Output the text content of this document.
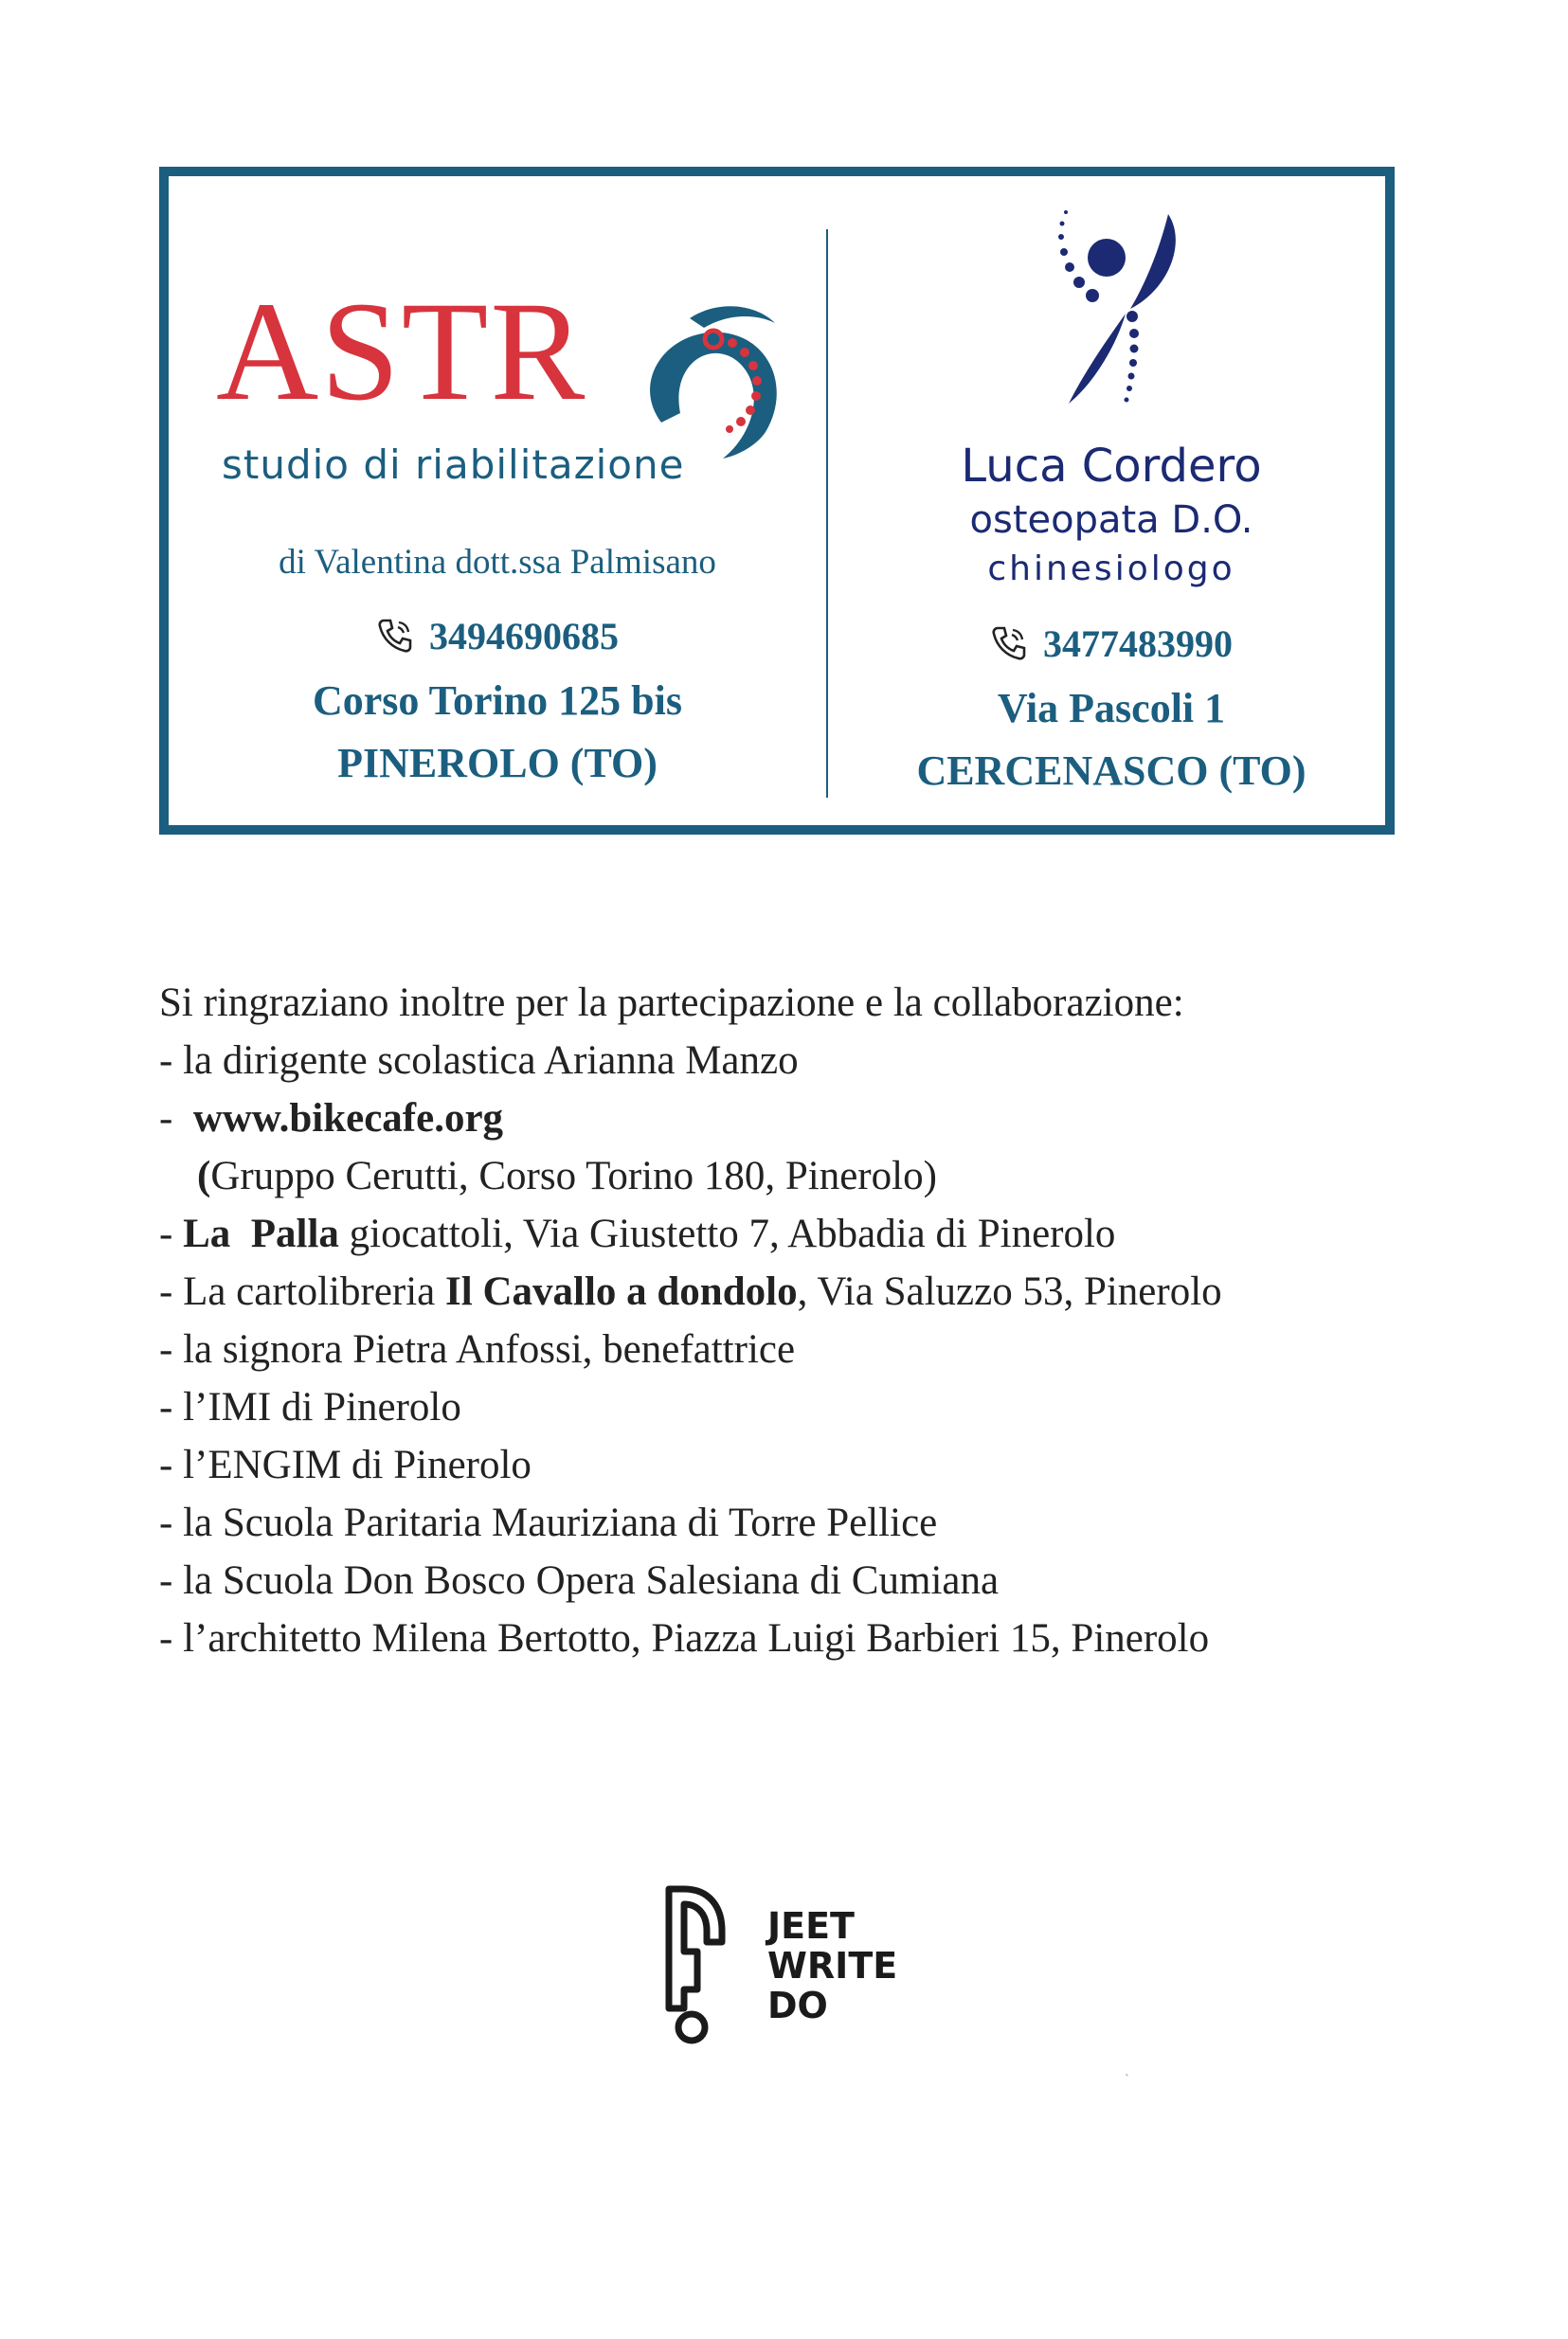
ASTR
studio di riabilitazione
di Valentina dott.ssa Palmisano
3494690685
Corso Torino 125 bis
PINEROLO (TO)
Luca Cordero
osteopata D.O.
chinesiologo
3477483990
Via Pascoli 1
CERCENASCO (TO)
Si ringraziano inoltre per la partecipazione e la collaborazione:
- la dirigente scolastica Arianna Manzo
-  www.bikecafe.org
(Gruppo Cerutti, Corso Torino 180, Pinerolo)
- La  Palla giocattoli, Via Giustetto 7, Abbadia di Pinerolo
- La cartolibreria Il Cavallo a dondolo, Via Saluzzo 53, Pinerolo
- la signora Pietra Anfossi, benefattrice
- l’IMI di Pinerolo
- l’ENGIM di Pinerolo
- la Scuola Paritaria Mauriziana di Torre Pellice
- la Scuola Don Bosco Opera Salesiana di Cumiana
- l’architetto Milena Bertotto, Piazza Luigi Barbieri 15, Pinerolo
JEET
WRITE
DO
ˋ
